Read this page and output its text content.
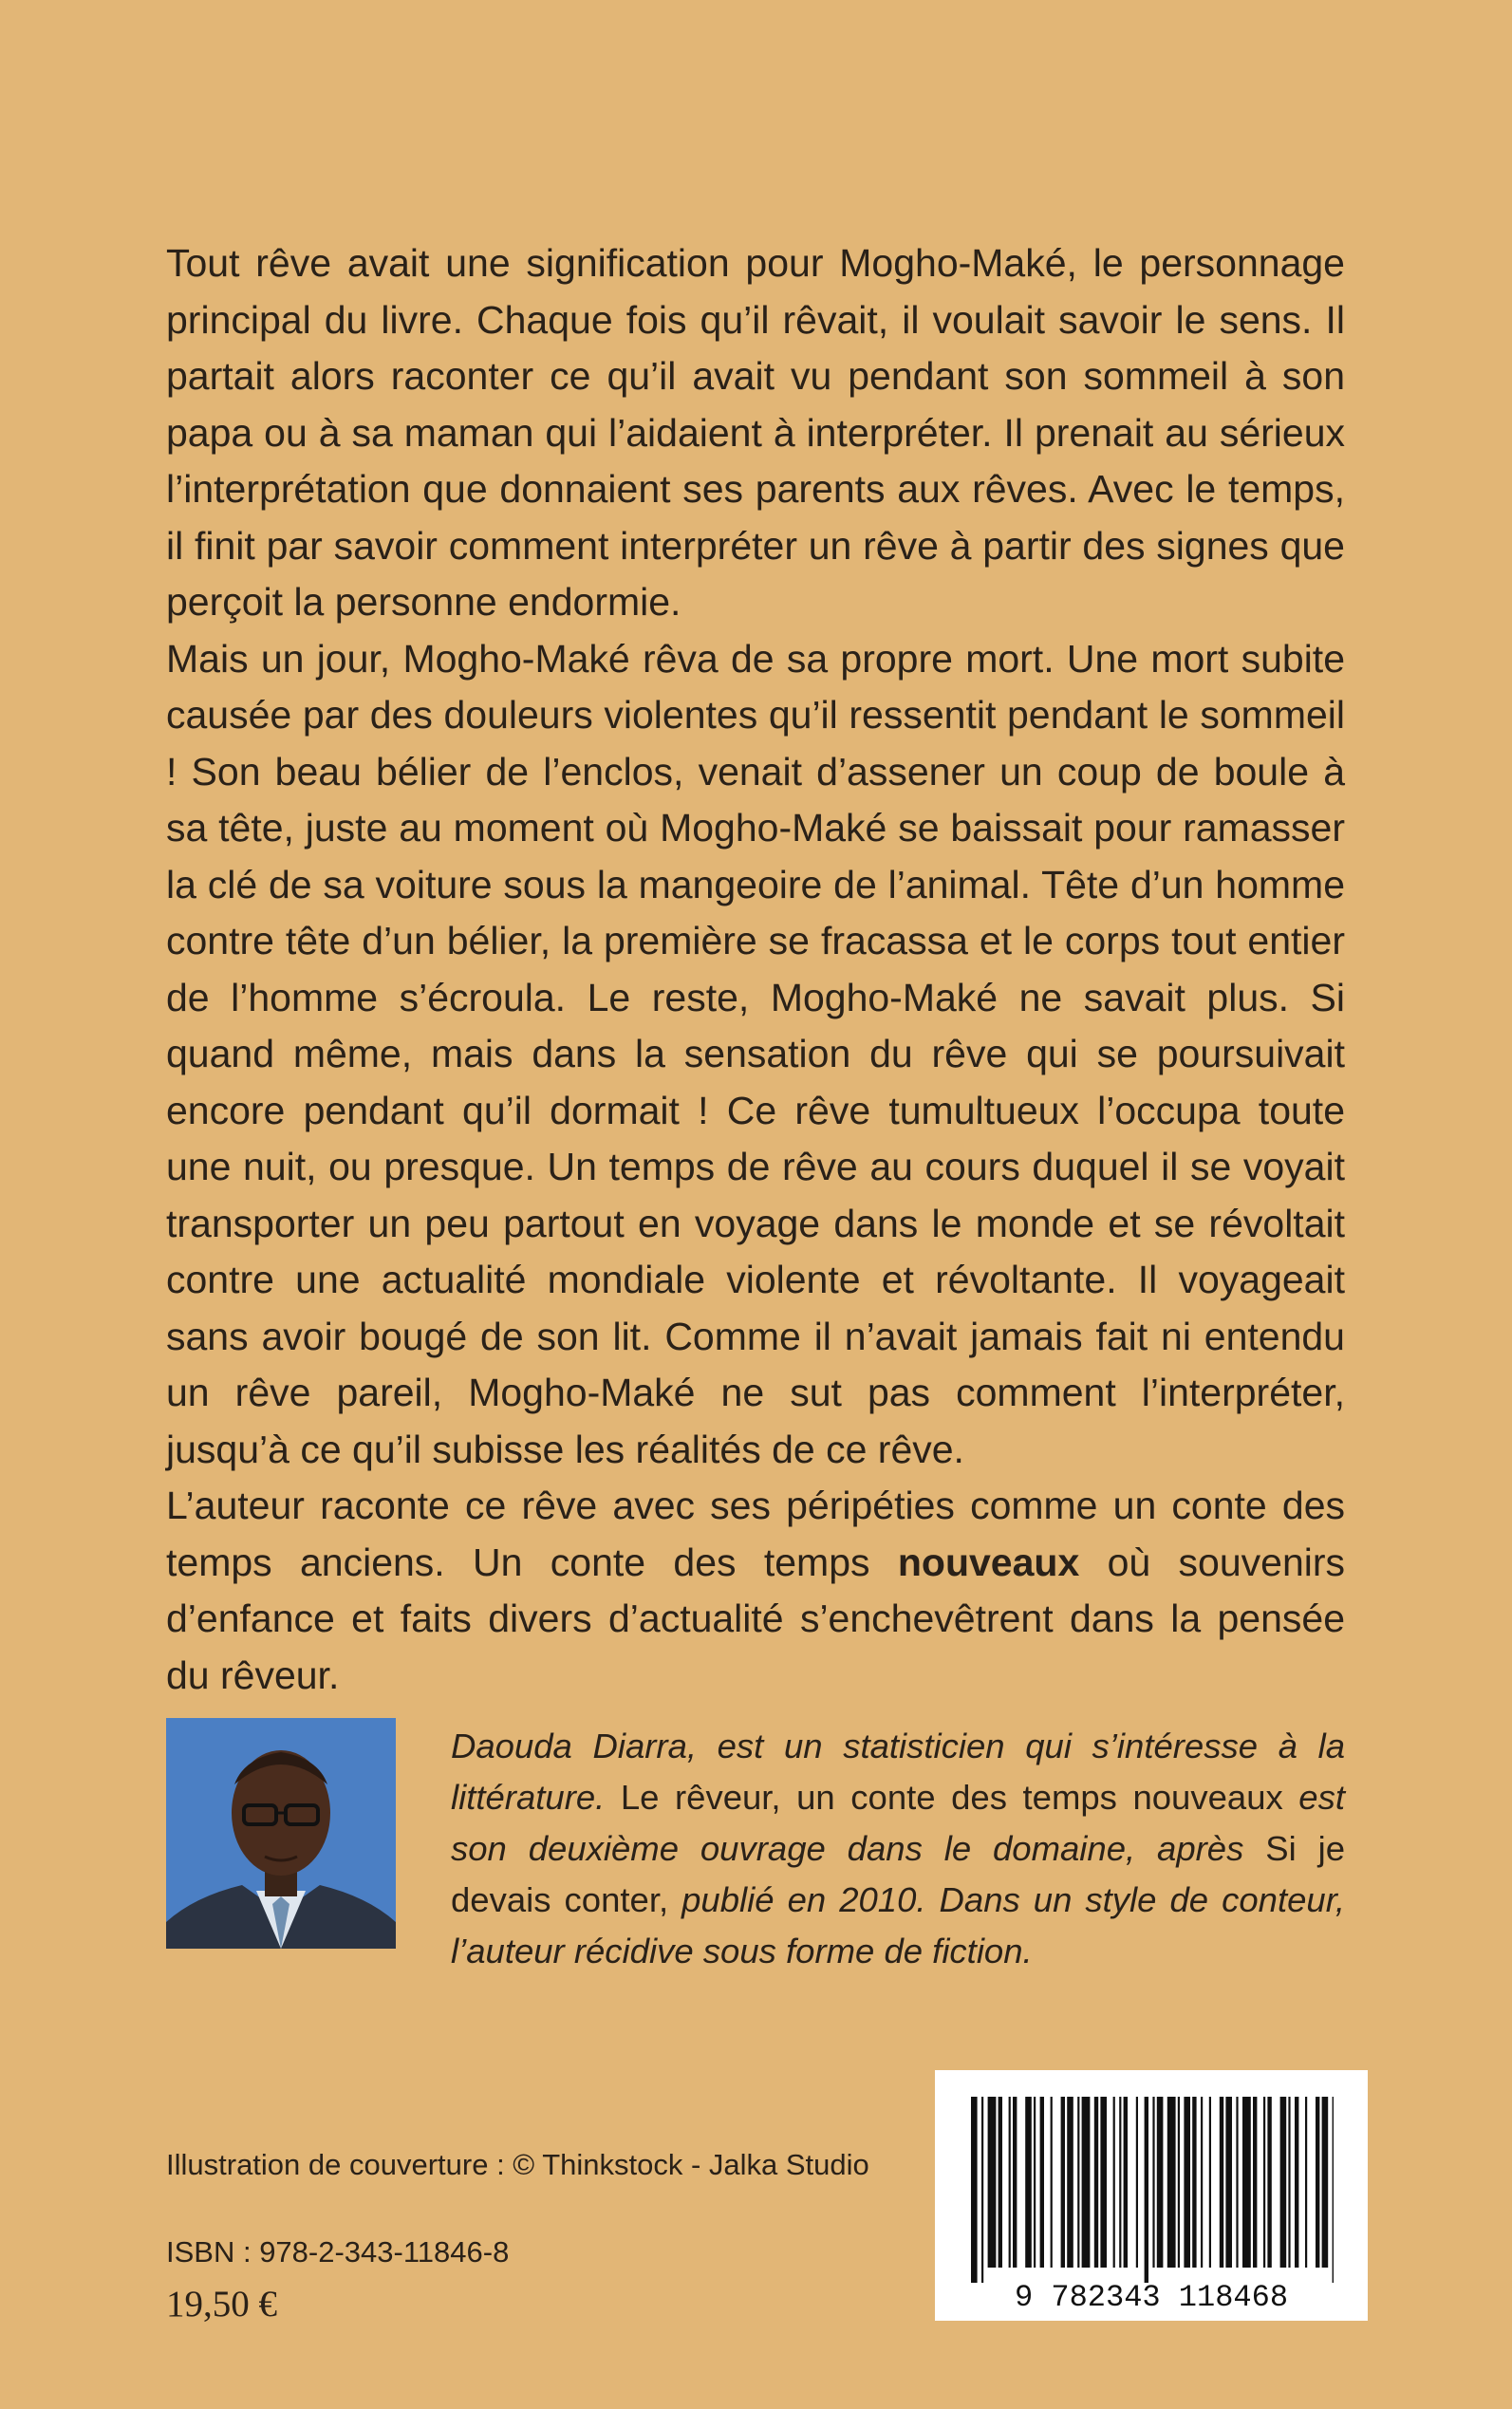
Tout rêve avait une signification pour Mogho-Maké, le personnage principal du livre. Chaque fois qu’il rêvait, il voulait savoir le sens. Il partait alors raconter ce qu’il avait vu pendant son sommeil à son papa ou à sa maman qui l’aidaient à interpréter. Il prenait au sérieux l’interprétation que donnaient ses parents aux rêves. Avec le temps, il finit par savoir comment interpréter un rêve à partir des signes que perçoit la personne endormie.

Mais un jour, Mogho-Maké rêva de sa propre mort. Une mort subite causée par des douleurs violentes qu’il ressentit pendant le sommeil ! Son beau bélier de l’enclos, venait d’assener un coup de boule à sa tête, juste au moment où Mogho-Maké se baissait pour ramasser la clé de sa voiture sous la mangeoire de l’animal. Tête d’un homme contre tête d’un bélier, la première se fracassa et le corps tout entier de l’homme s’écroula. Le reste, Mogho-Maké ne savait plus. Si quand même, mais dans la sensation du rêve qui se poursuivait encore pendant qu’il dormait ! Ce rêve tumultueux l’occupa toute une nuit, ou presque. Un temps de rêve au cours duquel il se voyait transporter un peu partout en voyage dans le monde et se révoltait contre une actualité mondiale violente et révoltante. Il voyageait sans avoir bougé de son lit. Comme il n’avait jamais fait ni entendu un rêve pareil, Mogho-Maké ne sut pas comment l’interpréter, jusqu’à ce qu’il subisse les réalités de ce rêve.

L’auteur raconte ce rêve avec ses péripéties comme un conte des temps anciens. Un conte des temps nouveaux où souvenirs d’enfance et faits divers d’actualité s’enchevêtrent dans la pensée du rêveur.

Daouda Diarra, est un statisticien qui s’intéresse à la littérature. Le rêveur, un conte des temps nouveaux est son deuxième ouvrage dans le domaine, après Si je devais conter, publié en 2010. Dans un style de conteur, l’auteur récidive sous forme de fiction.

Illustration de couverture : © Thinkstock - Jalka Studio

ISBN : 978-2-343-11846-8

19,50 €	9 782343 118468
